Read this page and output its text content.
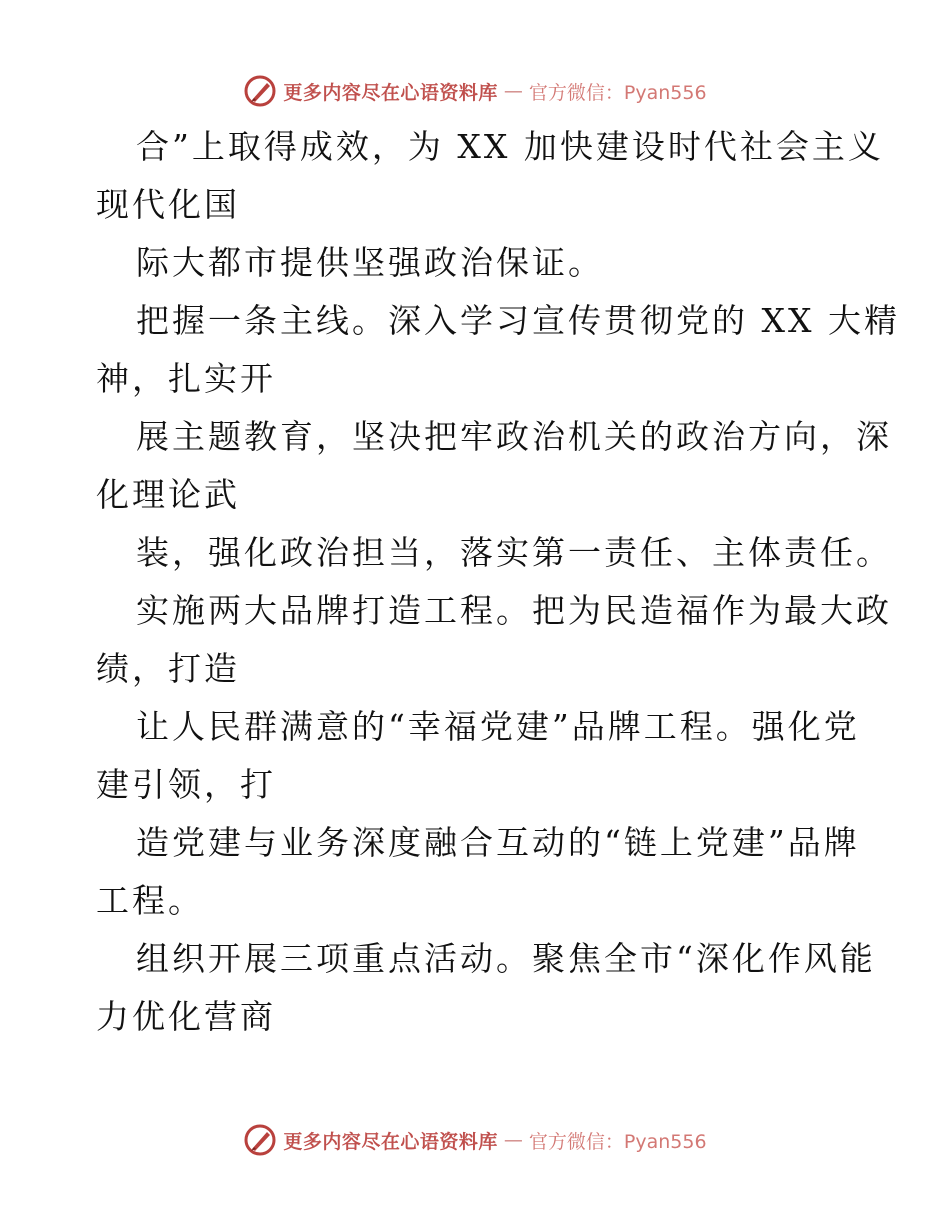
更多内容尽在心语资料库 — 官方微信：Pyan556
合”上取得成效，为 XX 加快建设时代社会主义
现代化国
际大都市提供坚强政治保证。
把握一条主线。深入学习宣传贯彻党的 XX 大精
神，扎实开
展主题教育，坚决把牢政治机关的政治方向，深
化理论武
装，强化政治担当，落实第一责任、主体责任。
实施两大品牌打造工程。把为民造福作为最大政
绩，打造
让人民群满意的“幸福党建”品牌工程。强化党
建引领，打
造党建与业务深度融合互动的“链上党建”品牌
工程。
组织开展三项重点活动。聚焦全市“深化作风能
力优化营商
更多内容尽在心语资料库 — 官方微信：Pyan556
